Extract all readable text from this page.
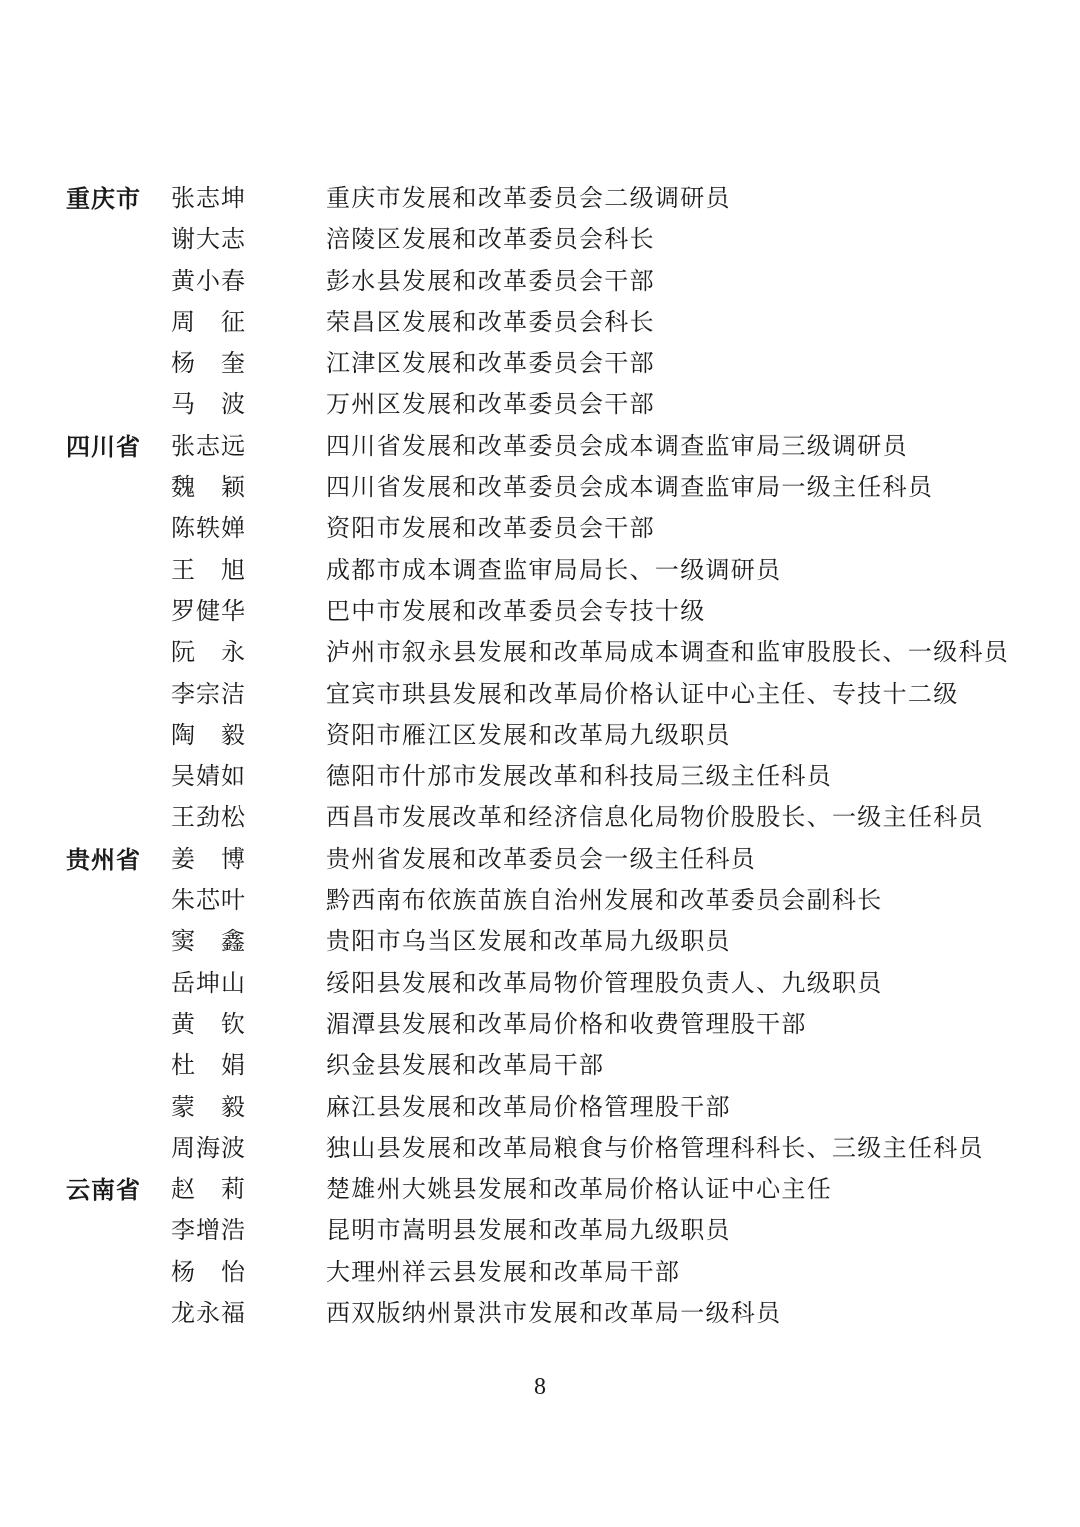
重庆市 张 志 坤	重庆市发展和改革委员会二级调研员
谢 大 志	涪陵区发展和改革委员会科长
黄 小 春	彭水县发展和改革委员会干部
周 征	荣昌区发展和改革委员会科长
杨 奎	江津区发展和改革委员会干部
马 波	万州区发展和改革委员会干部
四川省 张 志 远	四川省发展和改革委员会成本调查监审局三级调研员
魏 颖	四川省发展和改革委员会成本调查监审局一级主任科员
陈 轶 婵	资阳市发展和改革委员会干部
王 旭	成都市成本调查监审局局长、一级调研员
罗 健 华	巴中市发展和改革委员会专技十级
阮 永	泸州市叙永县发展和改革局成本调查和监审股股长、一级科员
李 宗 洁	宜宾市珙县发展和改革局价格认证中心主任、专技十二级
陶 毅	资阳市雁江区发展和改革局九级职员
吴 婧 如	德阳市什邡市发展改革和科技局三级主任科员
王 劲 松	西昌市发展改革和经济信息化局物价股股长、一级主任科员
贵州省 姜 博	贵州省发展和改革委员会一级主任科员
朱 芯 叶	黔西南布依族苗族自治州发展和改革委员会副科长
窦 鑫	贵阳市乌当区发展和改革局九级职员
岳 坤 山	绥阳县发展和改革局物价管理股负责人、九级职员
黄 钦	湄潭县发展和改革局价格和收费管理股干部
杜 娟	织金县发展和改革局干部
蒙 毅	麻江县发展和改革局价格管理股干部
周 海 波	独山县发展和改革局粮食与价格管理科科长、三级主任科员
云南省 赵 莉	楚雄州大姚县发展和改革局价格认证中心主任
李 增 浩	昆明市嵩明县发展和改革局九级职员
杨 怡	大理州祥云县发展和改革局干部
龙 永 福	西双版纳州景洪市发展和改革局一级科员
8
